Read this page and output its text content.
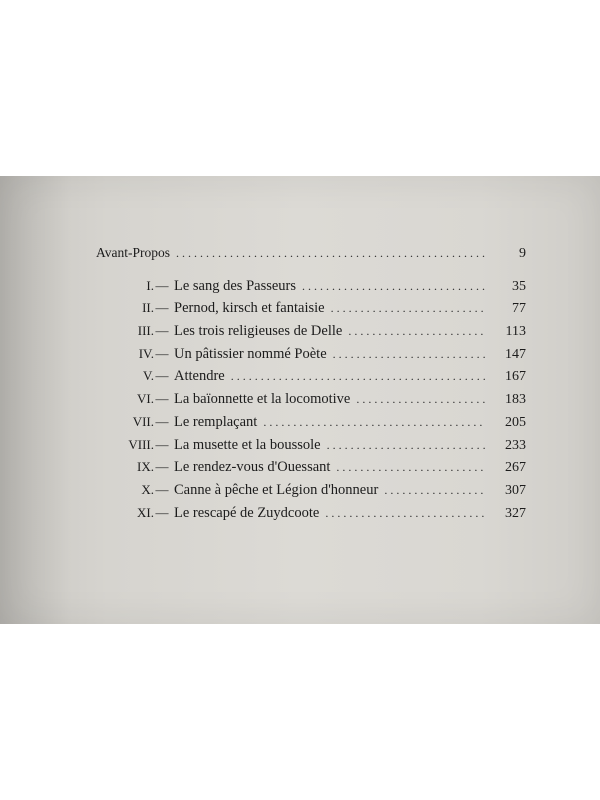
Avant-Propos . . .	9
I. — Le sang des Passeurs . . .	35
II. — Pernod, kirsch et fantaisie . . .	77
III. — Les trois religieuses de Delle . . .	113
IV. — Un pâtissier nommé Poète . . .	147
V. — Attendre . . .	167
VI. — La baïonnette et la locomotive . . .	183
VII. — Le remplaçant . . .	205
VIII. — La musette et la boussole . . .	233
IX. — Le rendez-vous d'Ouessant . . .	267
X. — Canne à pêche et Légion d'honneur . . .	307
XI. — Le rescapé de Zuydcoote . . .	327
